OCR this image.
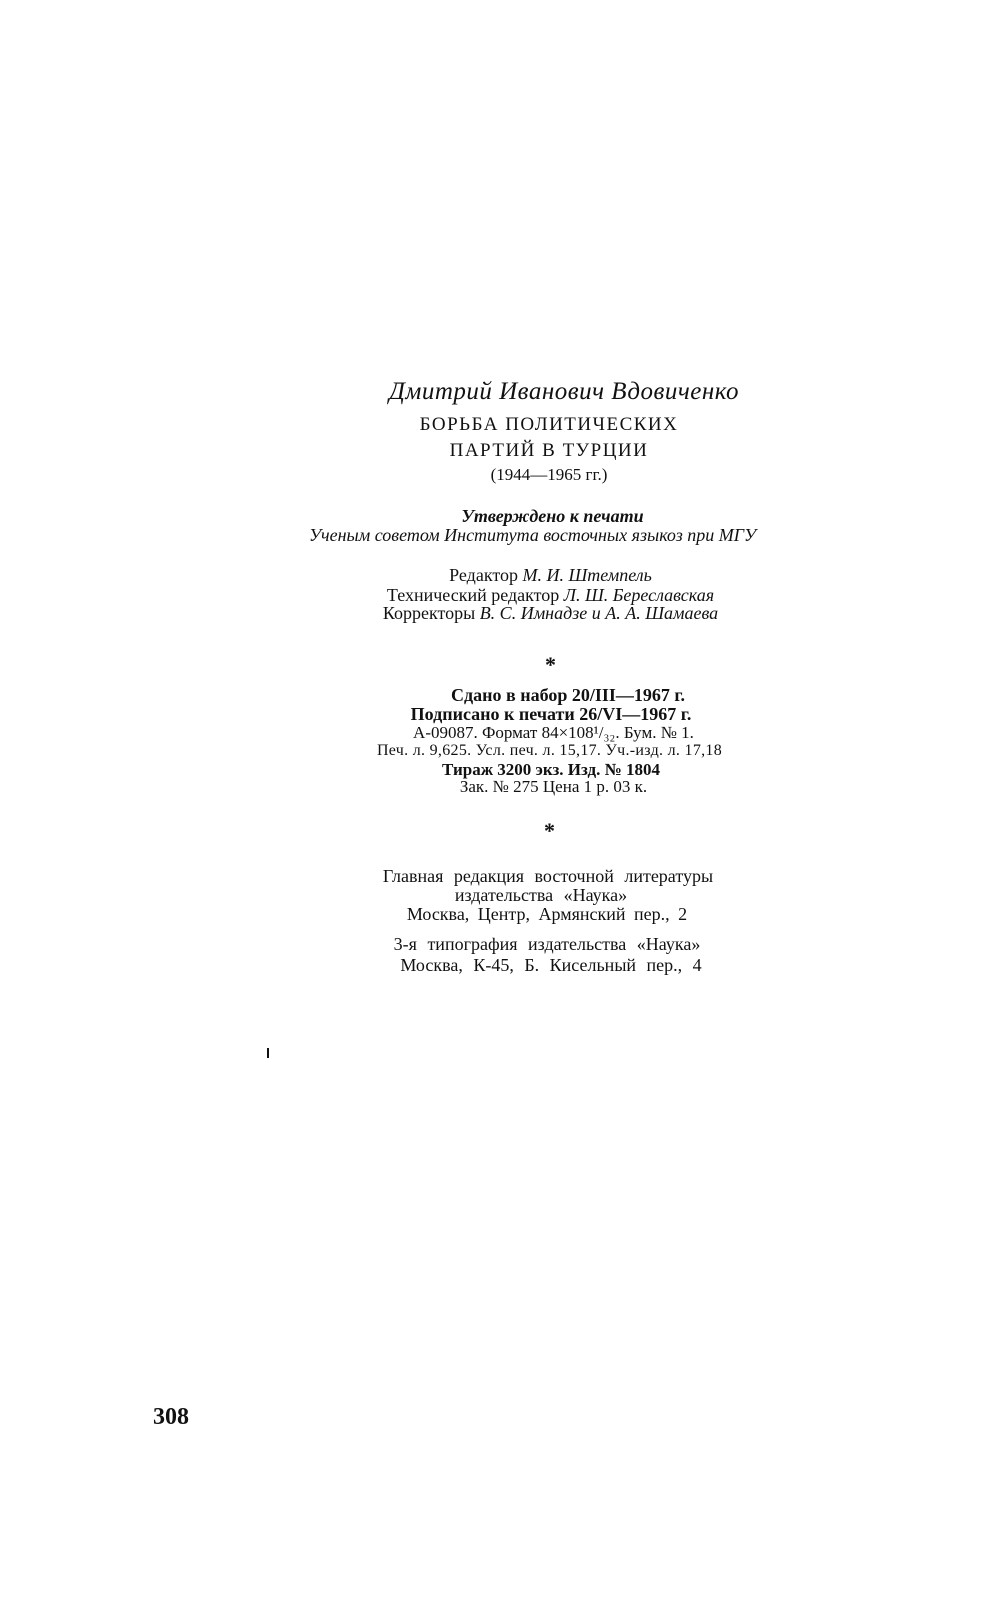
Дмитрий Иванович Вдовиченко
БОРЬБА ПОЛИТИЧЕСКИХ
ПАРТИЙ В ТУРЦИИ
(1944—1965 гг.)
Утверждено к печати
Ученым советом Института восточных языкоз при МГУ
Редактор М. И. Штемпель
Технический редактор Л. Ш. Береславская
Корректоры В. С. Имнадзе и А. А. Шамаева
*
Сдано в набор 20/III—1967 г.
Подписано к печати 26/VI—1967 г.
А-09087. Формат 84×108¹/₃₂. Бум. № 1.
Печ. л. 9,625. Усл. печ. л. 15,17. Уч.-изд. л. 17,18
Тираж 3200 экз. Изд. № 1804
Зак. № 275 Цена 1 р. 03 к.
*
Главная редакция восточной литературы
издательства «Наука»
Москва, Центр, Армянский пер., 2
3-я типография издательства «Наука»
Москва, К-45, Б. Кисельный пер., 4
308
